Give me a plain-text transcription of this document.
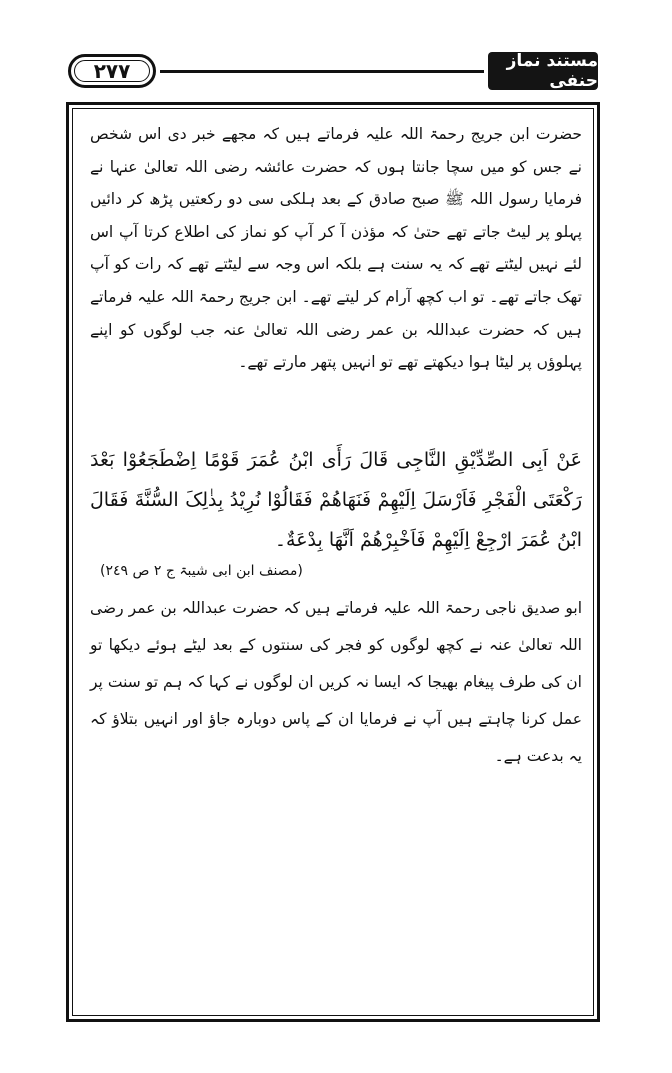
٢٧٧	مستند نماز حنفی
حضرت ابن جریج رحمۃ اللہ علیہ فرماتے ہیں کہ مجھے خبر دی اس شخص نے جس کو میں سچا جانتا ہوں کہ حضرت عائشہ رضی اللہ تعالیٰ عنہا نے فرمایا رسول اللہ ﷺ صبح صادق کے بعد ہلکی سی دو رکعتیں پڑھ کر دائیں پہلو پر لیٹ جاتے تھے حتیٰ کہ مؤذن آ کر آپ کو نماز کی اطلاع کرتا آپ اس لئے نہیں لیٹتے تھے کہ یہ سنت ہے بلکہ اس وجہ سے لیٹتے تھے کہ رات کو آپ تھک جاتے تھے۔ تو اب کچھ آرام کر لیتے تھے۔ ابن جریج رحمۃ اللہ علیہ فرماتے ہیں کہ حضرت عبداللہ بن عمر رضی اللہ تعالیٰ عنہ جب لوگوں کو اپنے پہلوؤں پر لیٹا ہوا دیکھتے تھے تو انہیں پتھر مارتے تھے۔
عَنْ اَبِی الصِّدِّیْقِ النَّاجِی قَالَ رَأَی ابْنُ عُمَرَ قَوْمًا اِضْطَجَعُوْا بَعْدَ رَکْعَتَی الْفَجْرِ فَاَرْسَلَ اِلَیْهِمْ فَنَهَاهُمْ فَقَالُوْا نُرِیْدُ بِذٰلِکَ السُّنَّةَ فَقَالَ ابْنُ عُمَرَ ارْجِعْ اِلَیْهِمْ فَاَخْبِرْهُمْ اَنَّهَا بِدْعَةٌ۔
(مصنف ابن ابی شیبۃ ج ٢ ص ٢٤٩)
ابو صدیق ناجی رحمۃ اللہ علیہ فرماتے ہیں کہ حضرت عبداللہ بن عمر رضی اللہ تعالیٰ عنہ نے کچھ لوگوں کو فجر کی سنتوں کے بعد لیٹے ہوئے دیکھا تو ان کی طرف پیغام بھیجا کہ ایسا نہ کریں ان لوگوں نے کہا کہ ہم تو سنت پر عمل کرنا چاہتے ہیں آپ نے فرمایا ان کے پاس دوبارہ جاؤ اور انہیں بتلاؤ کہ یہ بدعت ہے۔
